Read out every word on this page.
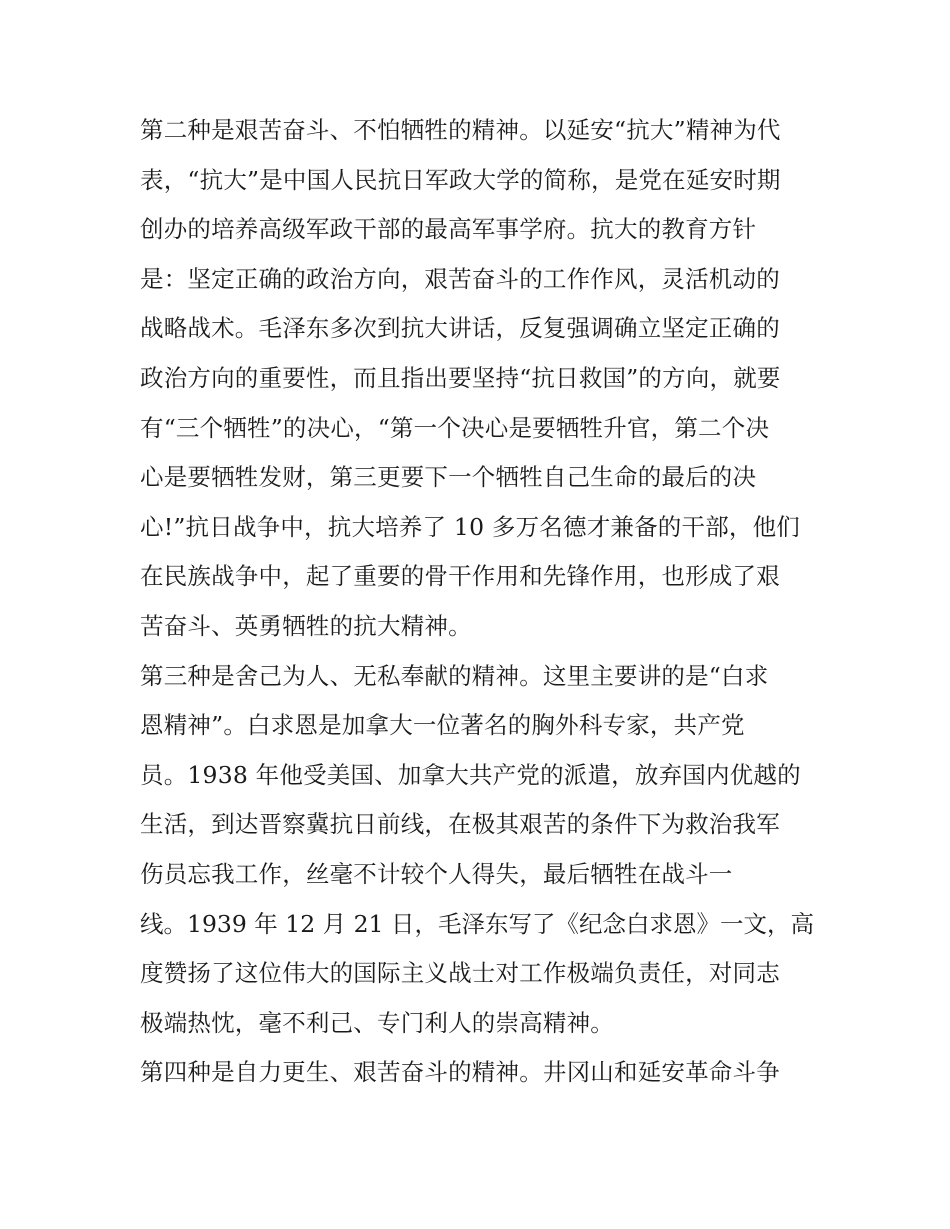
第二种是艰苦奋斗、不怕牺牲的精神。以延安“抗大”精神为代
表，“抗大”是中国人民抗日军政大学的简称，是党在延安时期
创办的培养高级军政干部的最高军事学府。抗大的教育方针
是：坚定正确的政治方向，艰苦奋斗的工作作风，灵活机动的
战略战术。毛泽东多次到抗大讲话，反复强调确立坚定正确的
政治方向的重要性，而且指出要坚持“抗日救国”的方向，就要
有“三个牺牲”的决心，“第一个决心是要牺牲升官，第二个决
心是要牺牲发财，第三更要下一个牺牲自己生命的最后的决
心!”抗日战争中，抗大培养了 10 多万名德才兼备的干部，他们
在民族战争中，起了重要的骨干作用和先锋作用，也形成了艰
苦奋斗、英勇牺牲的抗大精神。
第三种是舍己为人、无私奉献的精神。这里主要讲的是“白求
恩精神”。白求恩是加拿大一位著名的胸外科专家，共产党
员。1938 年他受美国、加拿大共产党的派遣，放弃国内优越的
生活，到达晋察冀抗日前线，在极其艰苦的条件下为救治我军
伤员忘我工作，丝毫不计较个人得失，最后牺牲在战斗一
线。1939 年 12 月 21 日，毛泽东写了《纪念白求恩》一文，高
度赞扬了这位伟大的国际主义战士对工作极端负责任，对同志
极端热忱，毫不利己、专门利人的崇高精神。
第四种是自力更生、艰苦奋斗的精神。井冈山和延安革命斗争
